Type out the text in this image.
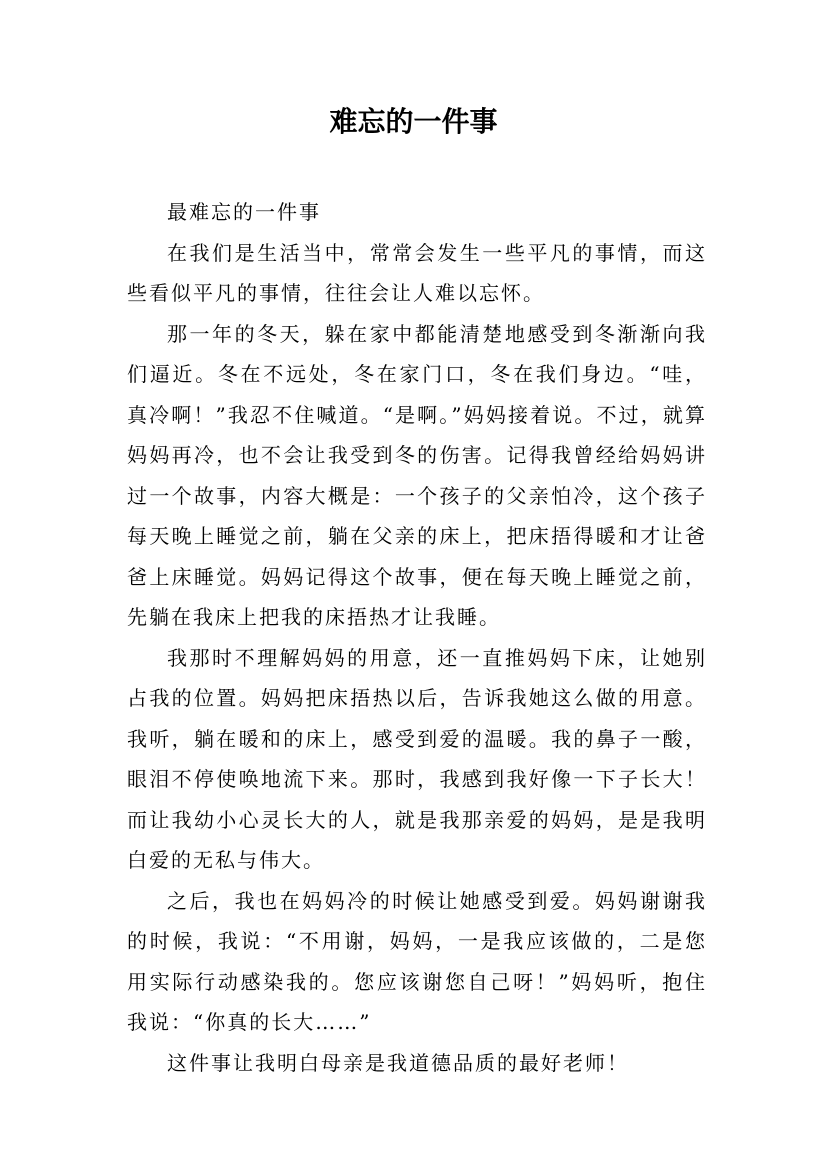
难忘的一件事

最难忘的一件事

在我们是生活当中，常常会发生一些平凡的事情，而这些看似平凡的事情，往往会让人难以忘怀。

那一年的冬天，躲在家中都能清楚地感受到冬渐渐向我们逼近。冬在不远处，冬在家门口，冬在我们身边。“哇，真冷啊！”我忍不住喊道。“是啊。”妈妈接着说。不过，就算妈妈再冷，也不会让我受到冬的伤害。记得我曾经给妈妈讲过一个故事，内容大概是：一个孩子的父亲怕冷，这个孩子每天晚上睡觉之前，躺在父亲的床上，把床捂得暖和才让爸爸上床睡觉。妈妈记得这个故事，便在每天晚上睡觉之前，先躺在我床上把我的床捂热才让我睡。

我那时不理解妈妈的用意，还一直推妈妈下床，让她别占我的位置。妈妈把床捂热以后，告诉我她这么做的用意。我听，躺在暖和的床上，感受到爱的温暖。我的鼻子一酸，眼泪不停使唤地流下来。那时，我感到我好像一下子长大！而让我幼小心灵长大的人，就是我那亲爱的妈妈，是是我明白爱的无私与伟大。

之后，我也在妈妈冷的时候让她感受到爱。妈妈谢谢我的时候，我说：“不用谢，妈妈，一是我应该做的，二是您用实际行动感染我的。您应该谢您自己呀！”妈妈听，抱住我说：“你真的长大……”

这件事让我明白母亲是我道德品质的最好老师！
